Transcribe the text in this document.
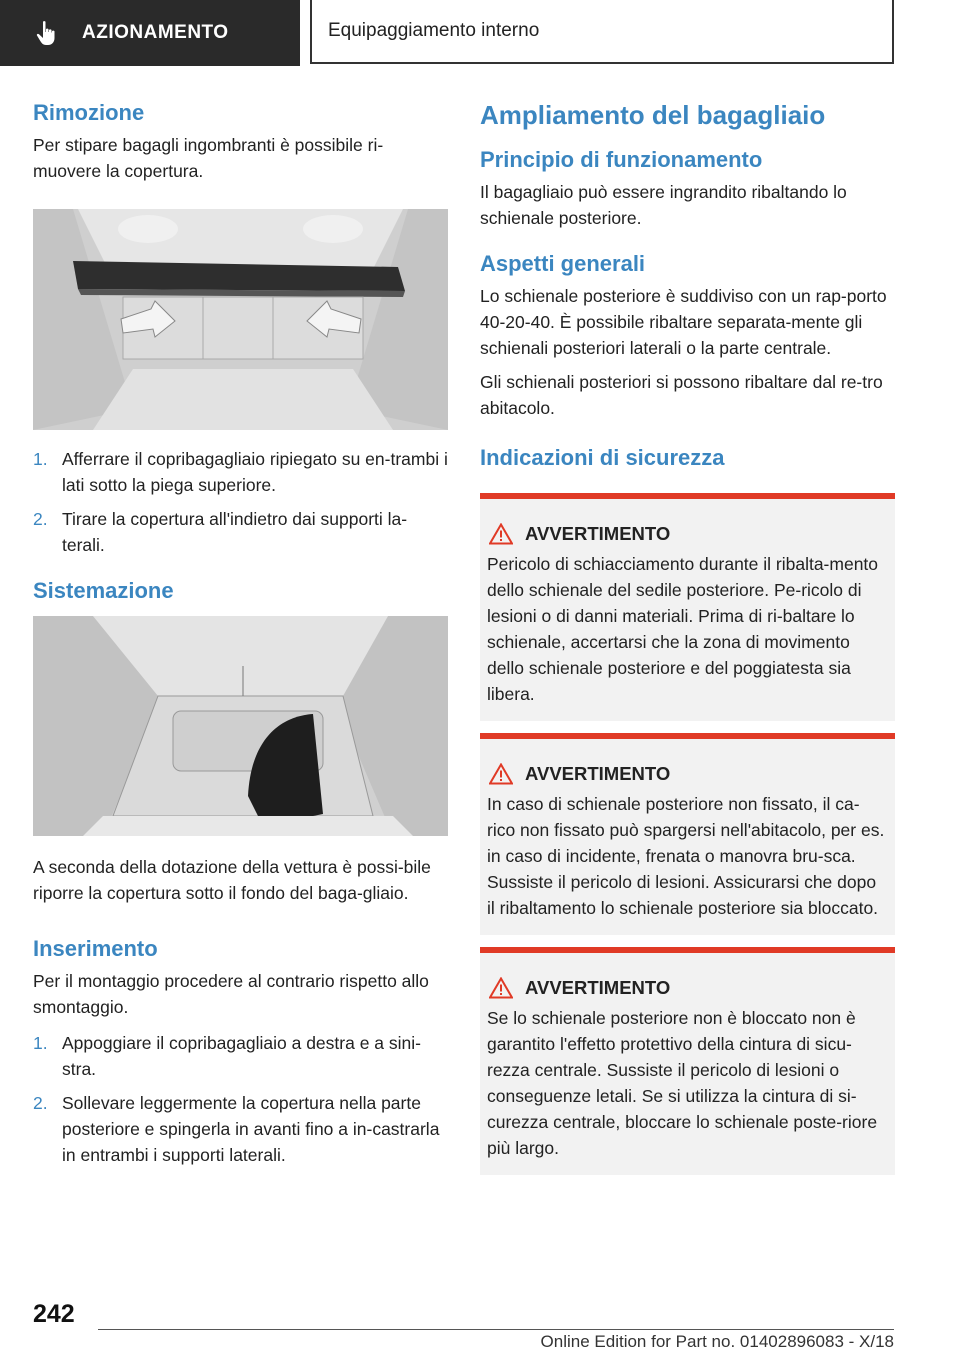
AZIONAMENTO	Equipaggiamento interno
Rimozione

Per stipare bagagli ingombranti è possibile ri-muovere la copertura.

1. Afferrare il copribagagliaio ripiegato su en-trambi i lati sotto la piega superiore.
2. Tirare la copertura all'indietro dai supporti la-terali.
Sistemazione

A seconda della dotazione della vettura è possi-bile riporre la copertura sotto il fondo del baga-gliaio.

Inserimento

Per il montaggio procedere al contrario rispetto allo smontaggio.

1. Appoggiare il copribagagliaio a destra e a sini-stra.
2. Sollevare leggermente la copertura nella parte posteriore e spingerla in avanti fino a in-castrarla in entrambi i supporti laterali.
Ampliamento del bagagliaio
Principio di funzionamento

Il bagagliaio può essere ingrandito ribaltando lo schienale posteriore.

Aspetti generali

Lo schienale posteriore è suddiviso con un rap-porto 40-20-40. È possibile ribaltare separata-mente gli schienali posteriori laterali o la parte centrale.

Gli schienali posteriori si possono ribaltare dal re-tro abitacolo.

Indicazioni di sicurezza
AVVERTIMENTO

Pericolo di schiacciamento durante il ribalta-mento dello schienale del sedile posteriore. Pe-ricolo di lesioni o di danni materiali. Prima di ri-baltare lo schienale, accertarsi che la zona di movimento dello schienale posteriore e del poggiatesta sia libera.

AVVERTIMENTO

In caso di schienale posteriore non fissato, il ca-rico non fissato può spargersi nell'abitacolo, per es. in caso di incidente, frenata o manovra bru-sca. Sussiste il pericolo di lesioni. Assicurarsi che dopo il ribaltamento lo schienale posteriore sia bloccato.

AVVERTIMENTO

Se lo schienale posteriore non è bloccato non è garantito l'effetto protettivo della cintura di sicu-rezza centrale. Sussiste il pericolo di lesioni o conseguenze letali. Se si utilizza la cintura di si-curezza centrale, bloccare lo schienale poste-riore più largo.

242
Online Edition for Part no. 01402896083 - X/18
